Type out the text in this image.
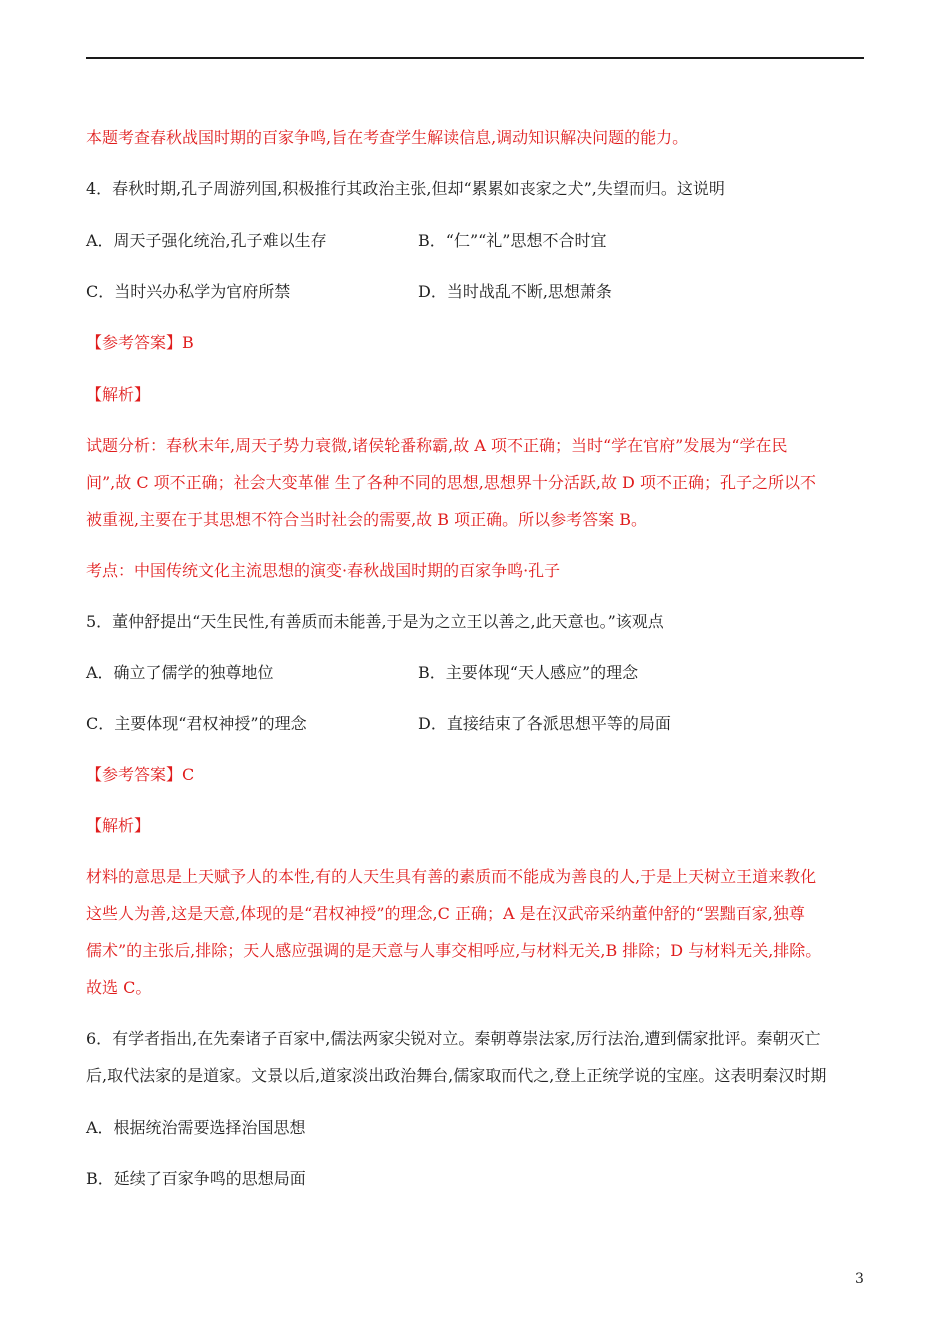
本题考查春秋战国时期的百家争鸣,旨在考查学生解读信息,调动知识解决问题的能力。
4．春秋时期,孔子周游列国,积极推行其政治主张,但却“累累如丧家之犬”,失望而归。这说明
A．周天子强化统治,孔子难以生存	B．“仁”“礼”思想不合时宜
C．当时兴办私学为官府所禁	D．当时战乱不断,思想萧条
【参考答案】B
【解析】
试题分析：春秋末年,周天子势力衰微,诸侯轮番称霸,故 A 项不正确；当时“学在官府”发展为“学在民
间”,故 C 项不正确；社会大变革催 生了各种不同的思想,思想界十分活跃,故 D 项不正确；孔子之所以不
被重视,主要在于其思想不符合当时社会的需要,故 B 项正确。所以参考答案 B。
考点：中国传统文化主流思想的演变·春秋战国时期的百家争鸣·孔子
5．董仲舒提出“天生民性,有善质而未能善,于是为之立王以善之,此天意也。”该观点
A．确立了儒学的独尊地位	B．主要体现“天人感应”的理念
C．主要体现“君权神授”的理念	D．直接结束了各派思想平等的局面
【参考答案】C
【解析】
材料的意思是上天赋予人的本性,有的人天生具有善的素质而不能成为善良的人,于是上天树立王道来教化
这些人为善,这是天意,体现的是“君权神授”的理念,C 正确；A 是在汉武帝采纳董仲舒的“罢黜百家,独尊
儒术”的主张后,排除；天人感应强调的是天意与人事交相呼应,与材料无关,B 排除；D 与材料无关,排除。
故选 C。
6．有学者指出,在先秦诸子百家中,儒法两家尖锐对立。秦朝尊崇法家,厉行法治,遭到儒家批评。秦朝灭亡
后,取代法家的是道家。文景以后,道家淡出政治舞台,儒家取而代之,登上正统学说的宝座。这表明秦汉时期
A．根据统治需要选择治国思想
B．延续了百家争鸣的思想局面
3
